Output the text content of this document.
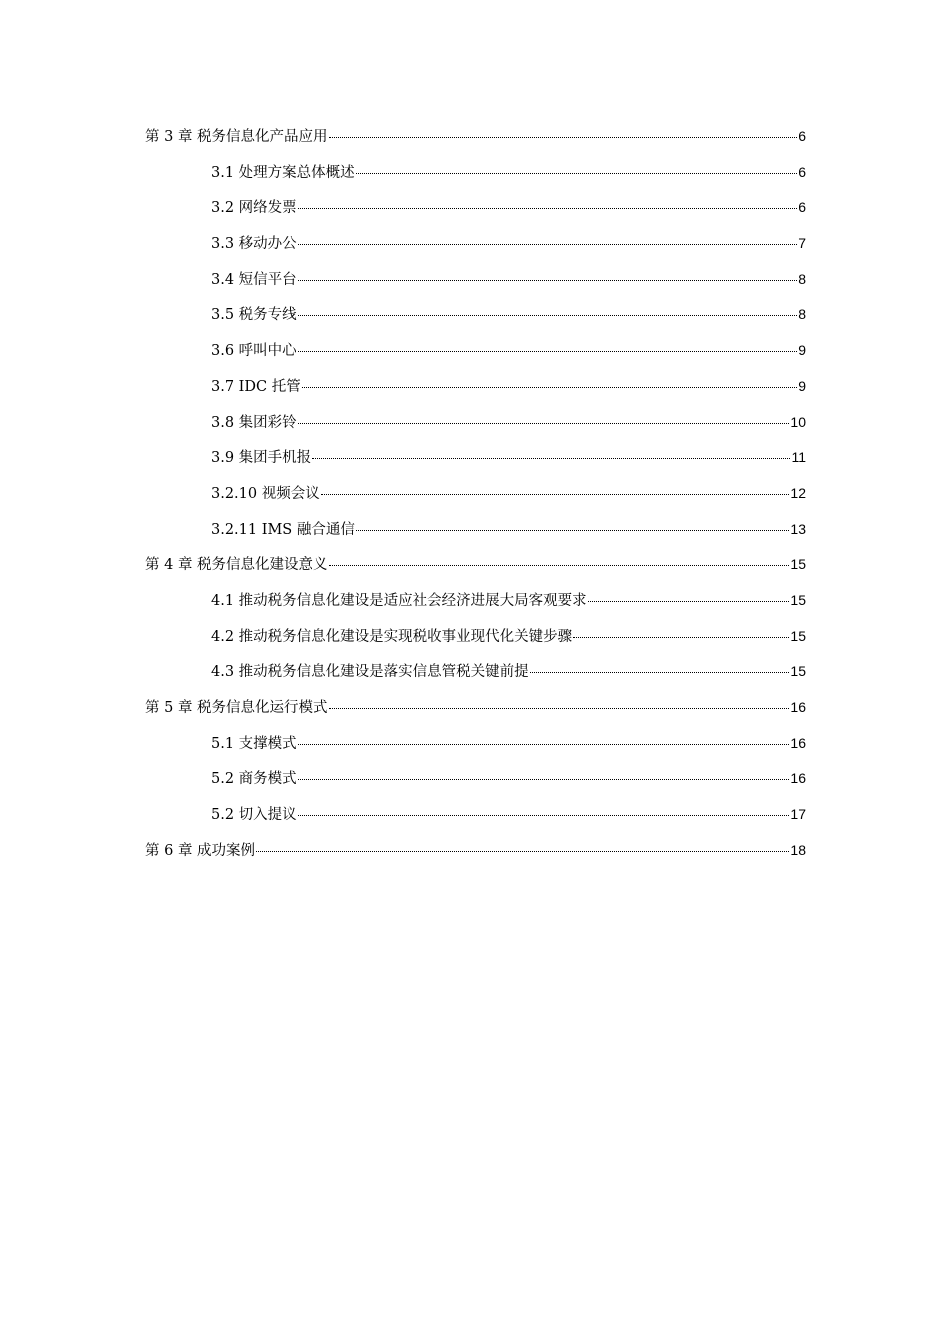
第 3 章 税务信息化产品应用	6
3.1 处理方案总体概述	6
3.2 网络发票	6
3.3 移动办公	7
3.4 短信平台	8
3.5 税务专线	8
3.6 呼叫中心	9
3.7 IDC 托管	9
3.8 集团彩铃	10
3.9 集团手机报	11
3.2.10 视频会议	12
3.2.11 IMS 融合通信	13
第 4 章 税务信息化建设意义	15
4.1 推动税务信息化建设是适应社会经济进展大局客观要求	15
4.2 推动税务信息化建设是实现税收事业现代化关键步骤	15
4.3 推动税务信息化建设是落实信息管税关键前提	15
第 5 章 税务信息化运行模式	16
5.1 支撑模式	16
5.2 商务模式	16
5.2 切入提议	17
第 6 章 成功案例	18
